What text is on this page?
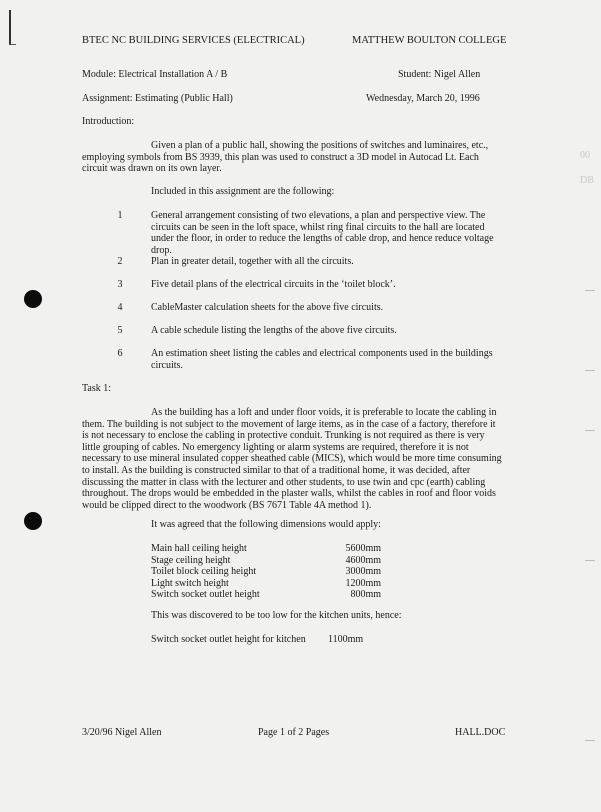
00
DB
BTEC NC BUILDING SERVICES (ELECTRICAL)	MATTHEW BOULTON COLLEGE
Module: Electrical Installation A / B	Student: Nigel Allen
Assignment: Estimating (Public Hall)	Wednesday, March 20, 1996
Introduction:
Given a plan of a public hall, showing the positions of switches and luminaires, etc., employing symbols from BS 3939, this plan was used to construct a 3D model in Autocad Lt. Each circuit was drawn on its own layer.
Included in this assignment are the following:
1	General arrangement consisting of two elevations, a plan and perspective view. The circuits can be seen in the loft space, whilst ring final circuits to the hall are located under the floor, in order to reduce the lengths of cable drop, and hence reduce voltage drop.
2	Plan in greater detail, together with all the circuits.
3	Five detail plans of the electrical circuits in the ‘toilet block’.
4	CableMaster calculation sheets for the above five circuits.
5	A cable schedule listing the lengths of the above five circuits.
6	An estimation sheet listing the cables and electrical components used in the buildings circuits.
Task 1:
As the building has a loft and under floor voids, it is preferable to locate the cabling in them. The building is not subject to the movement of large items, as in the case of a factory, therefore it is not necessary to enclose the cabling in protective conduit. Trunking is not required as there is very little grouping of cables. No emergency lighting or alarm systems are required, therefore it is not necessary to use mineral insulated copper sheathed cable (MICS), which would be more time consuming to install. As the building is constructed similar to that of a traditional home, it was decided, after discussing the matter in class with the lecturer and other students, to use twin and cpc (earth) cabling throughout. The drops would be embedded in the plaster walls, whilst the cables in roof and floor voids would be clipped direct to the woodwork (BS 7671 Table 4A method 1).
It was agreed that the following dimensions would apply:
Main hall ceiling height	5600mm
Stage ceiling height	4600mm
Toilet block ceiling height	3000mm
Light switch height	1200mm
Switch socket outlet height	800mm
This was discovered to be too low for the kitchen units, hence:
Switch socket outlet height for kitchen 1100mm
3/20/96 Nigel Allen	Page 1 of 2 Pages	HALL.DOC
